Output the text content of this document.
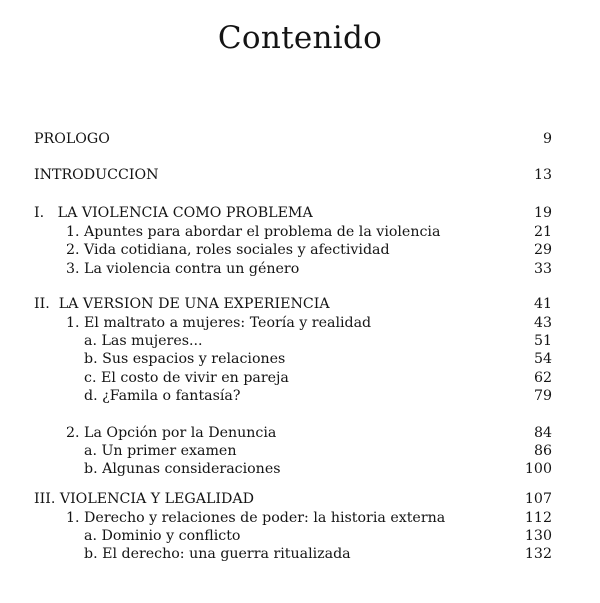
Contenido
PROLOGO	9
INTRODUCCION	13
I.   LA VIOLENCIA COMO PROBLEMA	19
1. Apuntes para abordar el problema de la violencia	21
2. Vida cotidiana, roles sociales y afectividad	29
3. La violencia contra un género	33
II.  LA VERSION DE UNA EXPERIENCIA	41
1. El maltrato a mujeres: Teoría y realidad	43
a. Las mujeres...	51
b. Sus espacios y relaciones	54
c. El costo de vivir en pareja	62
d. ¿Famila o fantasía?	79
2. La Opción por la Denuncia	84
a. Un primer examen	86
b. Algunas consideraciones	100
III. VIOLENCIA Y LEGALIDAD	107
1. Derecho y relaciones de poder: la historia externa	112
a. Dominio y conflicto	130
b. El derecho: una guerra ritualizada	132
